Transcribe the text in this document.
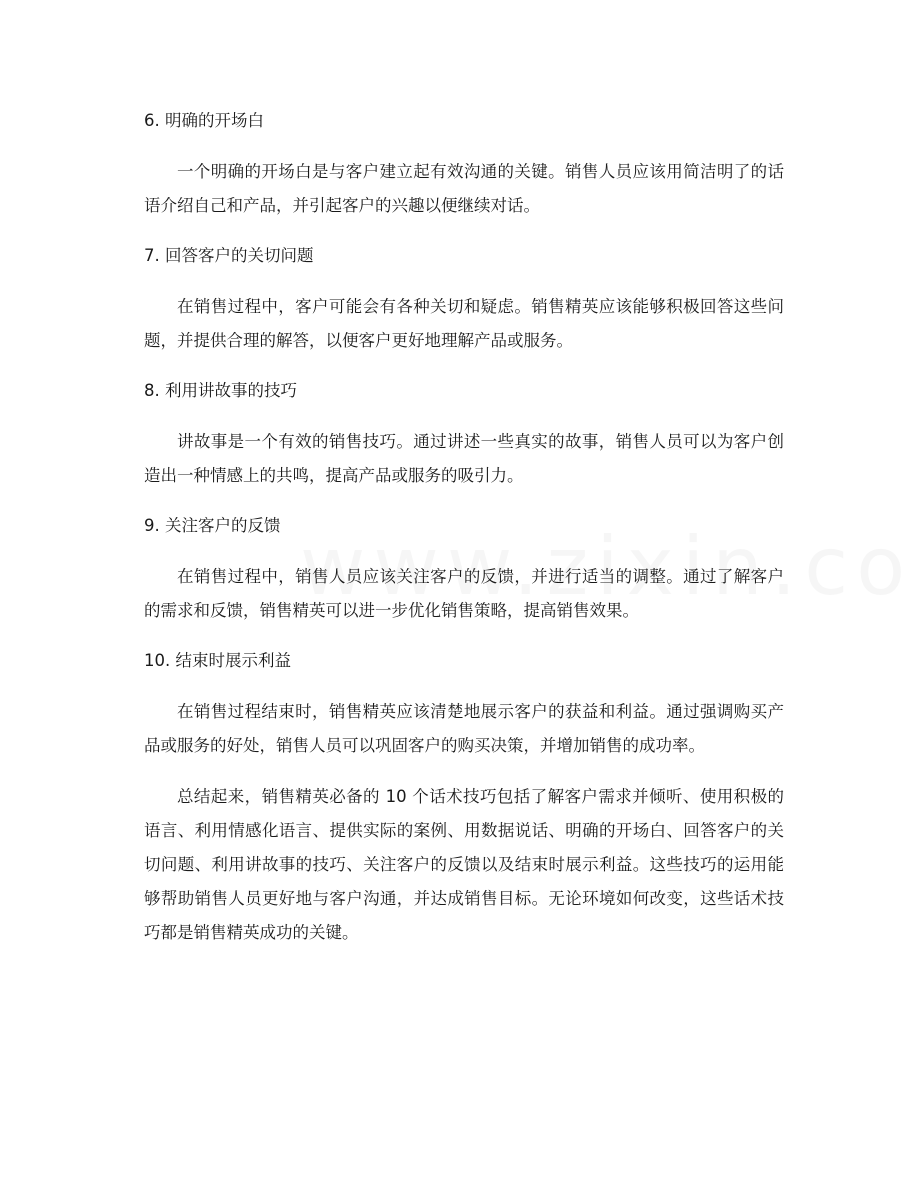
6. 明确的开场白
一个明确的开场白是与客户建立起有效沟通的关键。销售人员应该用简洁明了的话语介绍自己和产品，并引起客户的兴趣以便继续对话。
7. 回答客户的关切问题
在销售过程中，客户可能会有各种关切和疑虑。销售精英应该能够积极回答这些问题，并提供合理的解答，以便客户更好地理解产品或服务。
8. 利用讲故事的技巧
讲故事是一个有效的销售技巧。通过讲述一些真实的故事，销售人员可以为客户创造出一种情感上的共鸣，提高产品或服务的吸引力。
9. 关注客户的反馈
在销售过程中，销售人员应该关注客户的反馈，并进行适当的调整。通过了解客户的需求和反馈，销售精英可以进一步优化销售策略，提高销售效果。
10. 结束时展示利益
在销售过程结束时，销售精英应该清楚地展示客户的获益和利益。通过强调购买产品或服务的好处，销售人员可以巩固客户的购买决策，并增加销售的成功率。
总结起来，销售精英必备的 10 个话术技巧包括了解客户需求并倾听、使用积极的语言、利用情感化语言、提供实际的案例、用数据说话、明确的开场白、回答客户的关切问题、利用讲故事的技巧、关注客户的反馈以及结束时展示利益。这些技巧的运用能够帮助销售人员更好地与客户沟通，并达成销售目标。无论环境如何改变，这些话术技巧都是销售精英成功的关键。
